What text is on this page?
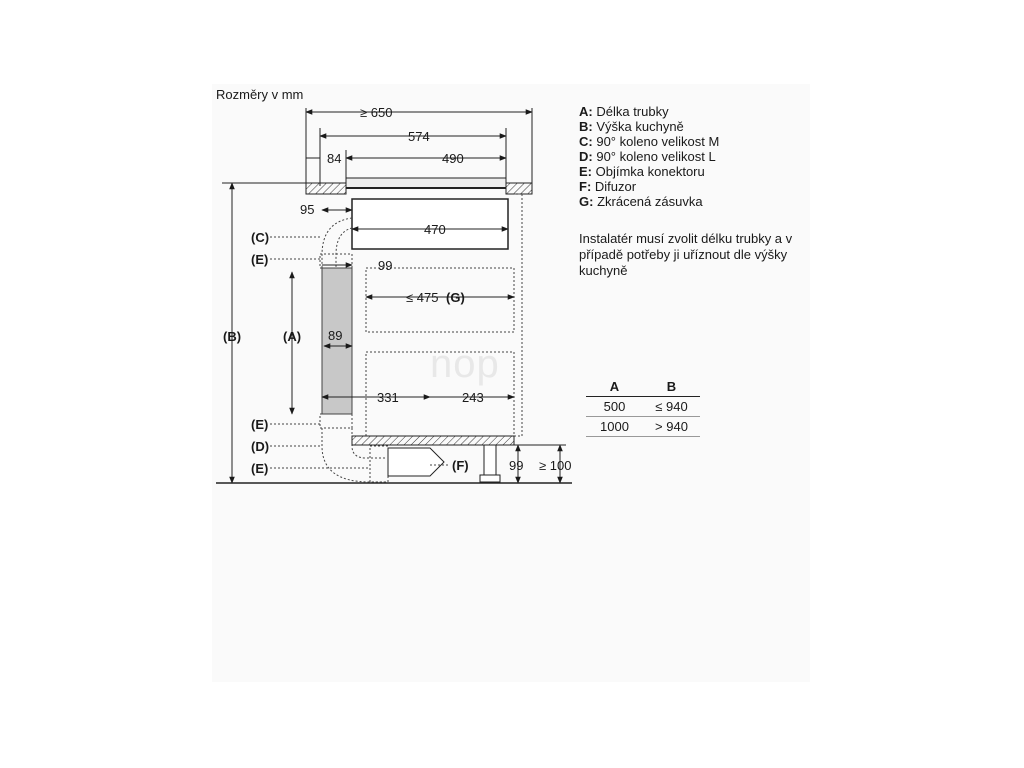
Rozměry v mm
nop
≥ 650
574
84	490
95
470
99
≤ 475 (G)
89
331	243
99 ≥ 100
(C)
(E)
(A)
(B)
(E)
(D)
(E)	(F)
A: Délka trubky
B: Výška kuchyně
C: 90° koleno velikost M
D: 90° koleno velikost L
E: Objímka konektoru
F: Difuzor
G: Zkrácená zásuvka
Instalatér musí zvolit délku trubky a v případě potřeby ji uříznout dle výšky kuchyně
A	B
500	≤ 940
1000	> 940
